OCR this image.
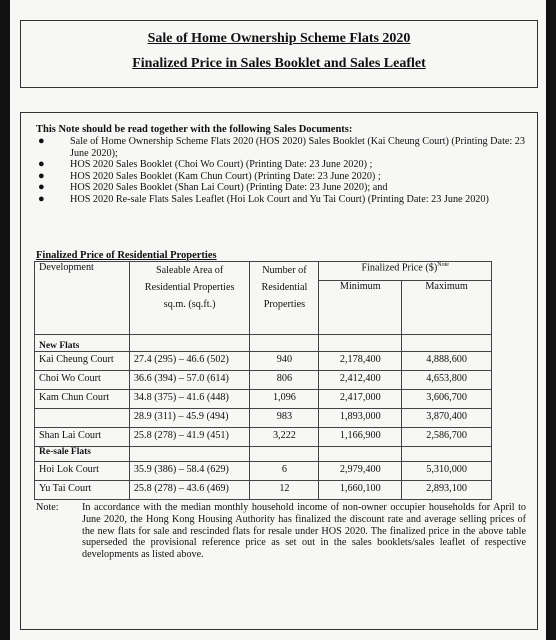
Sale of Home Ownership Scheme Flats 2020
Finalized Price in Sales Booklet and Sales Leaflet
This Note should be read together with the following Sales Documents:
● Sale of Home Ownership Scheme Flats 2020 (HOS 2020) Sales Booklet (Kai Cheung Court) (Printing Date: 23 June 2020);
● HOS 2020 Sales Booklet (Choi Wo Court) (Printing Date: 23 June 2020) ;
● HOS 2020 Sales Booklet (Kam Chun Court) (Printing Date: 23 June 2020) ;
● HOS 2020 Sales Booklet (Shan Lai Court) (Printing Date: 23 June 2020); and
● HOS 2020 Re-sale Flats Sales Leaflet (Hoi Lok Court and Yu Tai Court) (Printing Date: 23 June 2020)
Finalized Price of Residential Properties
Development	Saleable Area of Residential Properties sq.m. (sq.ft.)	Number of Residential Properties	Finalized Price ($)$^{Note}$
			Minimum	Maximum
New Flats				
Kai Cheung Court	27.4 (295) – 46.6 (502)	940	2,178,400	4,888,600
Choi Wo Court	36.6 (394) – 57.0 (614)	806	2,412,400	4,653,800
Kam Chun Court	34.8 (375) – 41.6 (448)	1,096	2,417,000	3,606,700
	28.9 (311) – 45.9 (494)	983	1,893,000	3,870,400
Shan Lai Court	25.8 (278) – 41.9 (451)	3,222	1,166,900	2,586,700
Re-sale Flats				
Hoi Lok Court	35.9 (386) – 58.4 (629)	6	2,979,400	5,310,000
Yu Tai Court	25.8 (278) – 43.6 (469)	12	1,660,100	2,893,100
Note: In accordance with the median monthly household income of non-owner occupier households for April to June 2020, the Hong Kong Housing Authority has finalized the discount rate and average selling prices of the new flats for sale and rescinded flats for resale under HOS 2020. The finalized price in the above table superseded the provisional reference price as set out in the sales booklets/sales leaflet of respective developments as listed above.
